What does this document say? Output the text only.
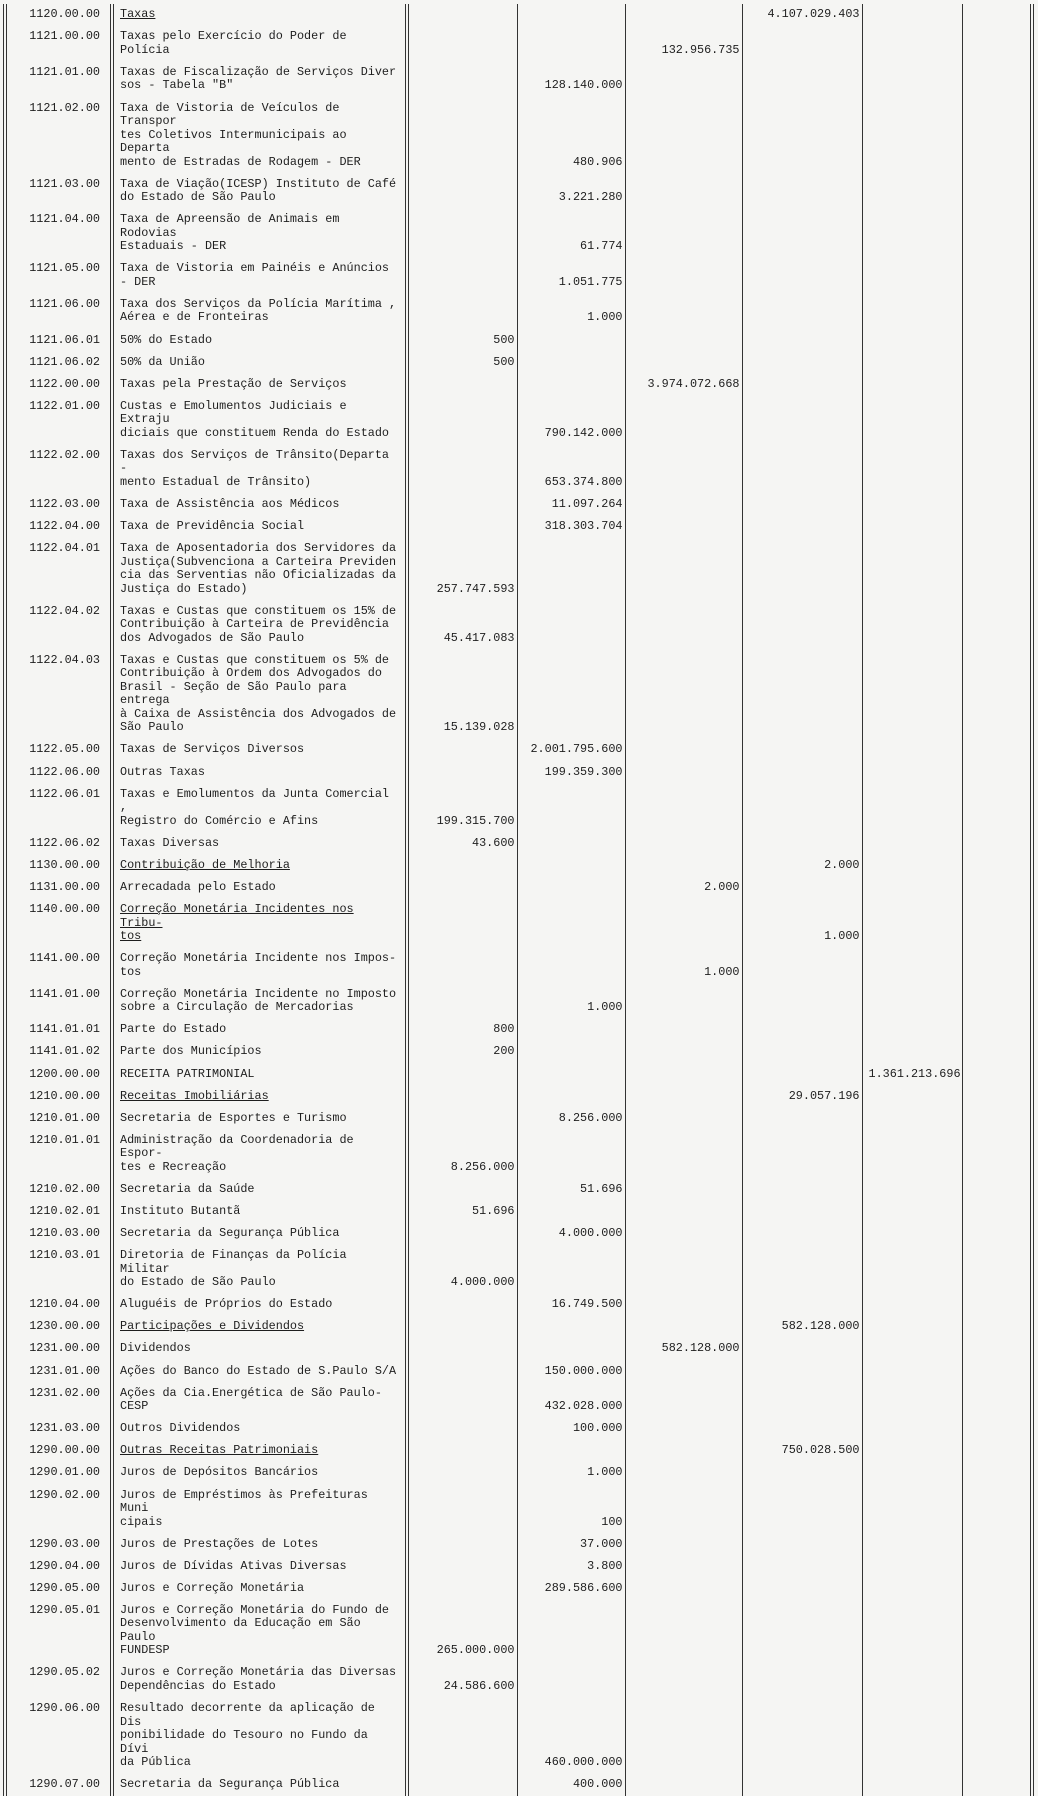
1120.00.00	Taxas				4.107.029.403		
1121.00.00	Taxas pelo Exercício do Poder de Polícia			132.956.735			
1121.01.00	Taxas de Fiscalização de Serviços Diver
sos - Tabela "B"		128.140.000				
1121.02.00	Taxa de Vistoria de Veículos de Transpor
tes Coletivos Intermunicipais ao Departa
mento de Estradas de Rodagem - DER		480.906				
1121.03.00	Taxa de Viação(ICESP) Instituto de Café
do Estado de São Paulo		3.221.280				
1121.04.00	Taxa de Apreensão de Animais em Rodovias
Estaduais - DER		61.774				
1121.05.00	Taxa de Vistoria em Painéis e Anúncios
- DER		1.051.775				
1121.06.00	Taxa dos Serviços da Polícia Marítima ,
Aérea e de Fronteiras		1.000				
1121.06.01	50% do Estado	500					
1121.06.02	50% da União	500					
1122.00.00	Taxas pela Prestação de Serviços			3.974.072.668			
1122.01.00	Custas e Emolumentos Judiciais e Extraju
diciais que constituem Renda do Estado		790.142.000				
1122.02.00	Taxas dos Serviços de Trânsito(Departa -
mento Estadual de Trânsito)		653.374.800				
1122.03.00	Taxa de Assistência aos Médicos		11.097.264				
1122.04.00	Taxa de Previdência Social		318.303.704				
1122.04.01	Taxa de Aposentadoria dos Servidores da
Justiça(Subvenciona a Carteira Previden
cia das Serventias não Oficializadas da
Justiça do Estado)	257.747.593					
1122.04.02	Taxas e Custas que constituem os 15% de
Contribuição à Carteira de Previdência
dos Advogados de São Paulo	45.417.083					
1122.04.03	Taxas e Custas que constituem os 5% de
Contribuição à Ordem dos Advogados do
Brasil - Seção de São Paulo para entrega
à Caixa de Assistência dos Advogados de
São Paulo	15.139.028					
1122.05.00	Taxas de Serviços Diversos		2.001.795.600				
1122.06.00	Outras Taxas		199.359.300				
1122.06.01	Taxas e Emolumentos da Junta Comercial ,
Registro do Comércio e Afins	199.315.700					
1122.06.02	Taxas Diversas	43.600					
1130.00.00	Contribuição de Melhoria				2.000		
1131.00.00	Arrecadada pelo Estado			2.000			
1140.00.00	Correção Monetária Incidentes nos Tribu-
tos				1.000		
1141.00.00	Correção Monetária Incidente nos Impos-
tos			1.000			
1141.01.00	Correção Monetária Incidente no Imposto
sobre a Circulação de Mercadorias		1.000				
1141.01.01	Parte do Estado	800					
1141.01.02	Parte dos Municípios	200					
1200.00.00	RECEITA PATRIMONIAL					1.361.213.696	
1210.00.00	Receitas Imobiliárias				29.057.196		
1210.01.00	Secretaria de Esportes e Turismo		8.256.000				
1210.01.01	Administração da Coordenadoria de Espor-
tes e Recreação	8.256.000					
1210.02.00	Secretaria da Saúde		51.696				
1210.02.01	Instituto Butantã	51.696					
1210.03.00	Secretaria da Segurança Pública		4.000.000				
1210.03.01	Diretoria de Finanças da Polícia Militar
do Estado de São Paulo	4.000.000					
1210.04.00	Aluguéis de Próprios do Estado		16.749.500				
1230.00.00	Participações e Dividendos				582.128.000		
1231.00.00	Dividendos			582.128.000			
1231.01.00	Ações do Banco do Estado de S.Paulo S/A		150.000.000				
1231.02.00	Ações da Cia.Energética de São Paulo-CESP		432.028.000				
1231.03.00	Outros Dividendos		100.000				
1290.00.00	Outras Receitas Patrimoniais				750.028.500		
1290.01.00	Juros de Depósitos Bancários		1.000				
1290.02.00	Juros de Empréstimos às Prefeituras Muni
cipais		100				
1290.03.00	Juros de Prestações de Lotes		37.000				
1290.04.00	Juros de Dívidas Ativas Diversas		3.800				
1290.05.00	Juros e Correção Monetária		289.586.600				
1290.05.01	Juros e Correção Monetária do Fundo de
Desenvolvimento da Educação em São Paulo
FUNDESP	265.000.000					
1290.05.02	Juros e Correção Monetária das Diversas
Dependências do Estado	24.586.600					
1290.06.00	Resultado decorrente da aplicação de Dis
ponibilidade do Tesouro no Fundo da Dívi
da Pública		460.000.000				
1290.07.00	Secretaria da Segurança Pública		400.000				
